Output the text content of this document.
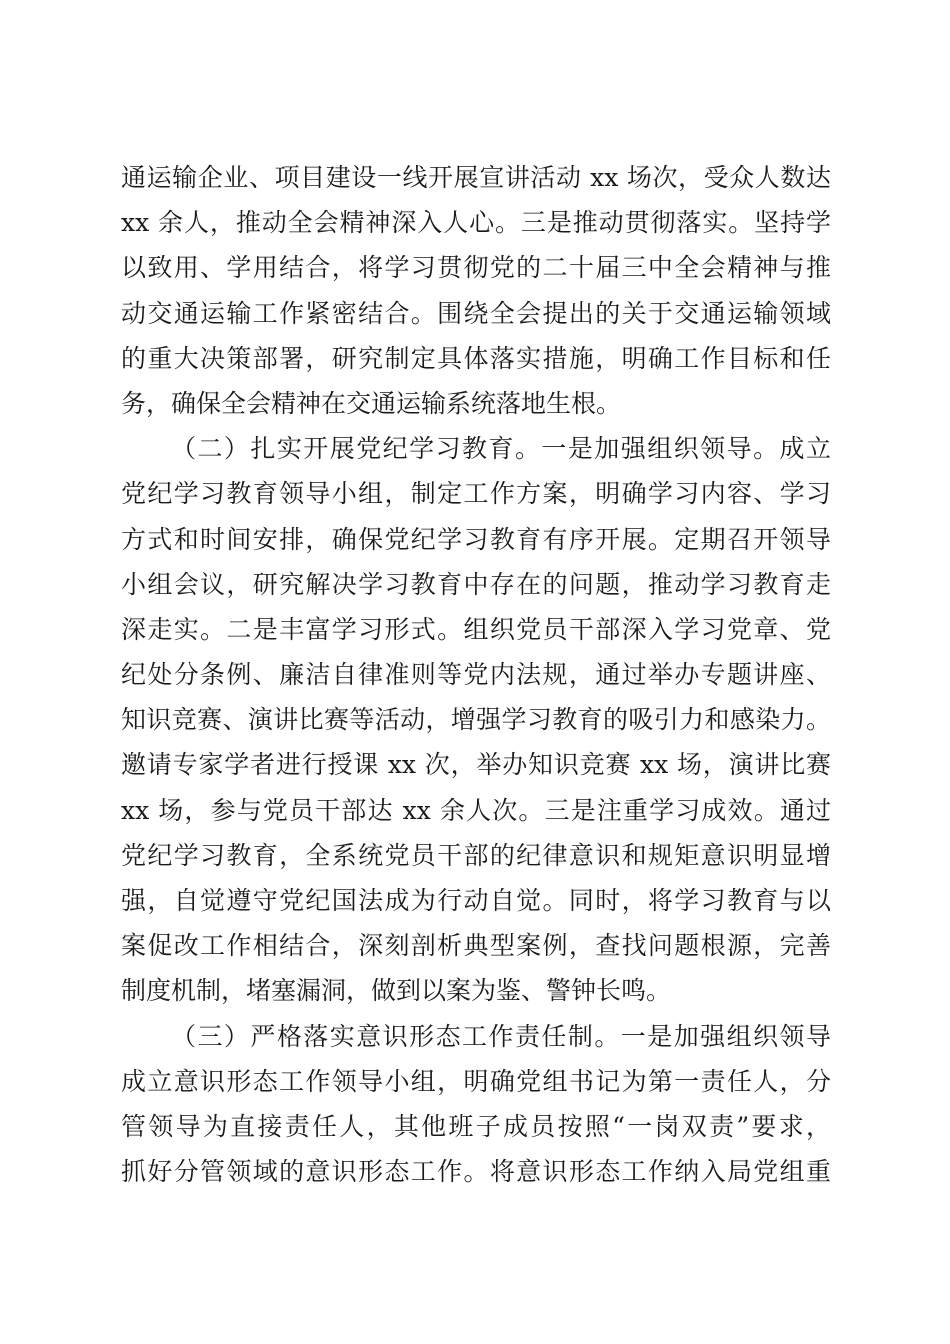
通运输企业、项目建设一线开展宣讲活动 xx 场次，受众人数达
xx 余人，推动全会精神深入人心。三是推动贯彻落实。坚持学
以致用、学用结合，将学习贯彻党的二十届三中全会精神与推
动交通运输工作紧密结合。围绕全会提出的关于交通运输领域
的重大决策部署，研究制定具体落实措施，明确工作目标和任
务，确保全会精神在交通运输系统落地生根。
（二）扎实开展党纪学习教育。一是加强组织领导。成立
党纪学习教育领导小组，制定工作方案，明确学习内容、学习
方式和时间安排，确保党纪学习教育有序开展。定期召开领导
小组会议，研究解决学习教育中存在的问题，推动学习教育走
深走实。二是丰富学习形式。组织党员干部深入学习党章、党
纪处分条例、廉洁自律准则等党内法规，通过举办专题讲座、
知识竞赛、演讲比赛等活动，增强学习教育的吸引力和感染力。
邀请专家学者进行授课 xx 次，举办知识竞赛 xx 场，演讲比赛
xx 场，参与党员干部达 xx 余人次。三是注重学习成效。通过
党纪学习教育，全系统党员干部的纪律意识和规矩意识明显增
强，自觉遵守党纪国法成为行动自觉。同时，将学习教育与以
案促改工作相结合，深刻剖析典型案例，查找问题根源，完善
制度机制，堵塞漏洞，做到以案为鉴、警钟长鸣。
（三）严格落实意识形态工作责任制。一是加强组织领导
成立意识形态工作领导小组，明确党组书记为第一责任人，分
管领导为直接责任人，其他班子成员按照“一岗双责”要求，
抓好分管领域的意识形态工作。将意识形态工作纳入局党组重
